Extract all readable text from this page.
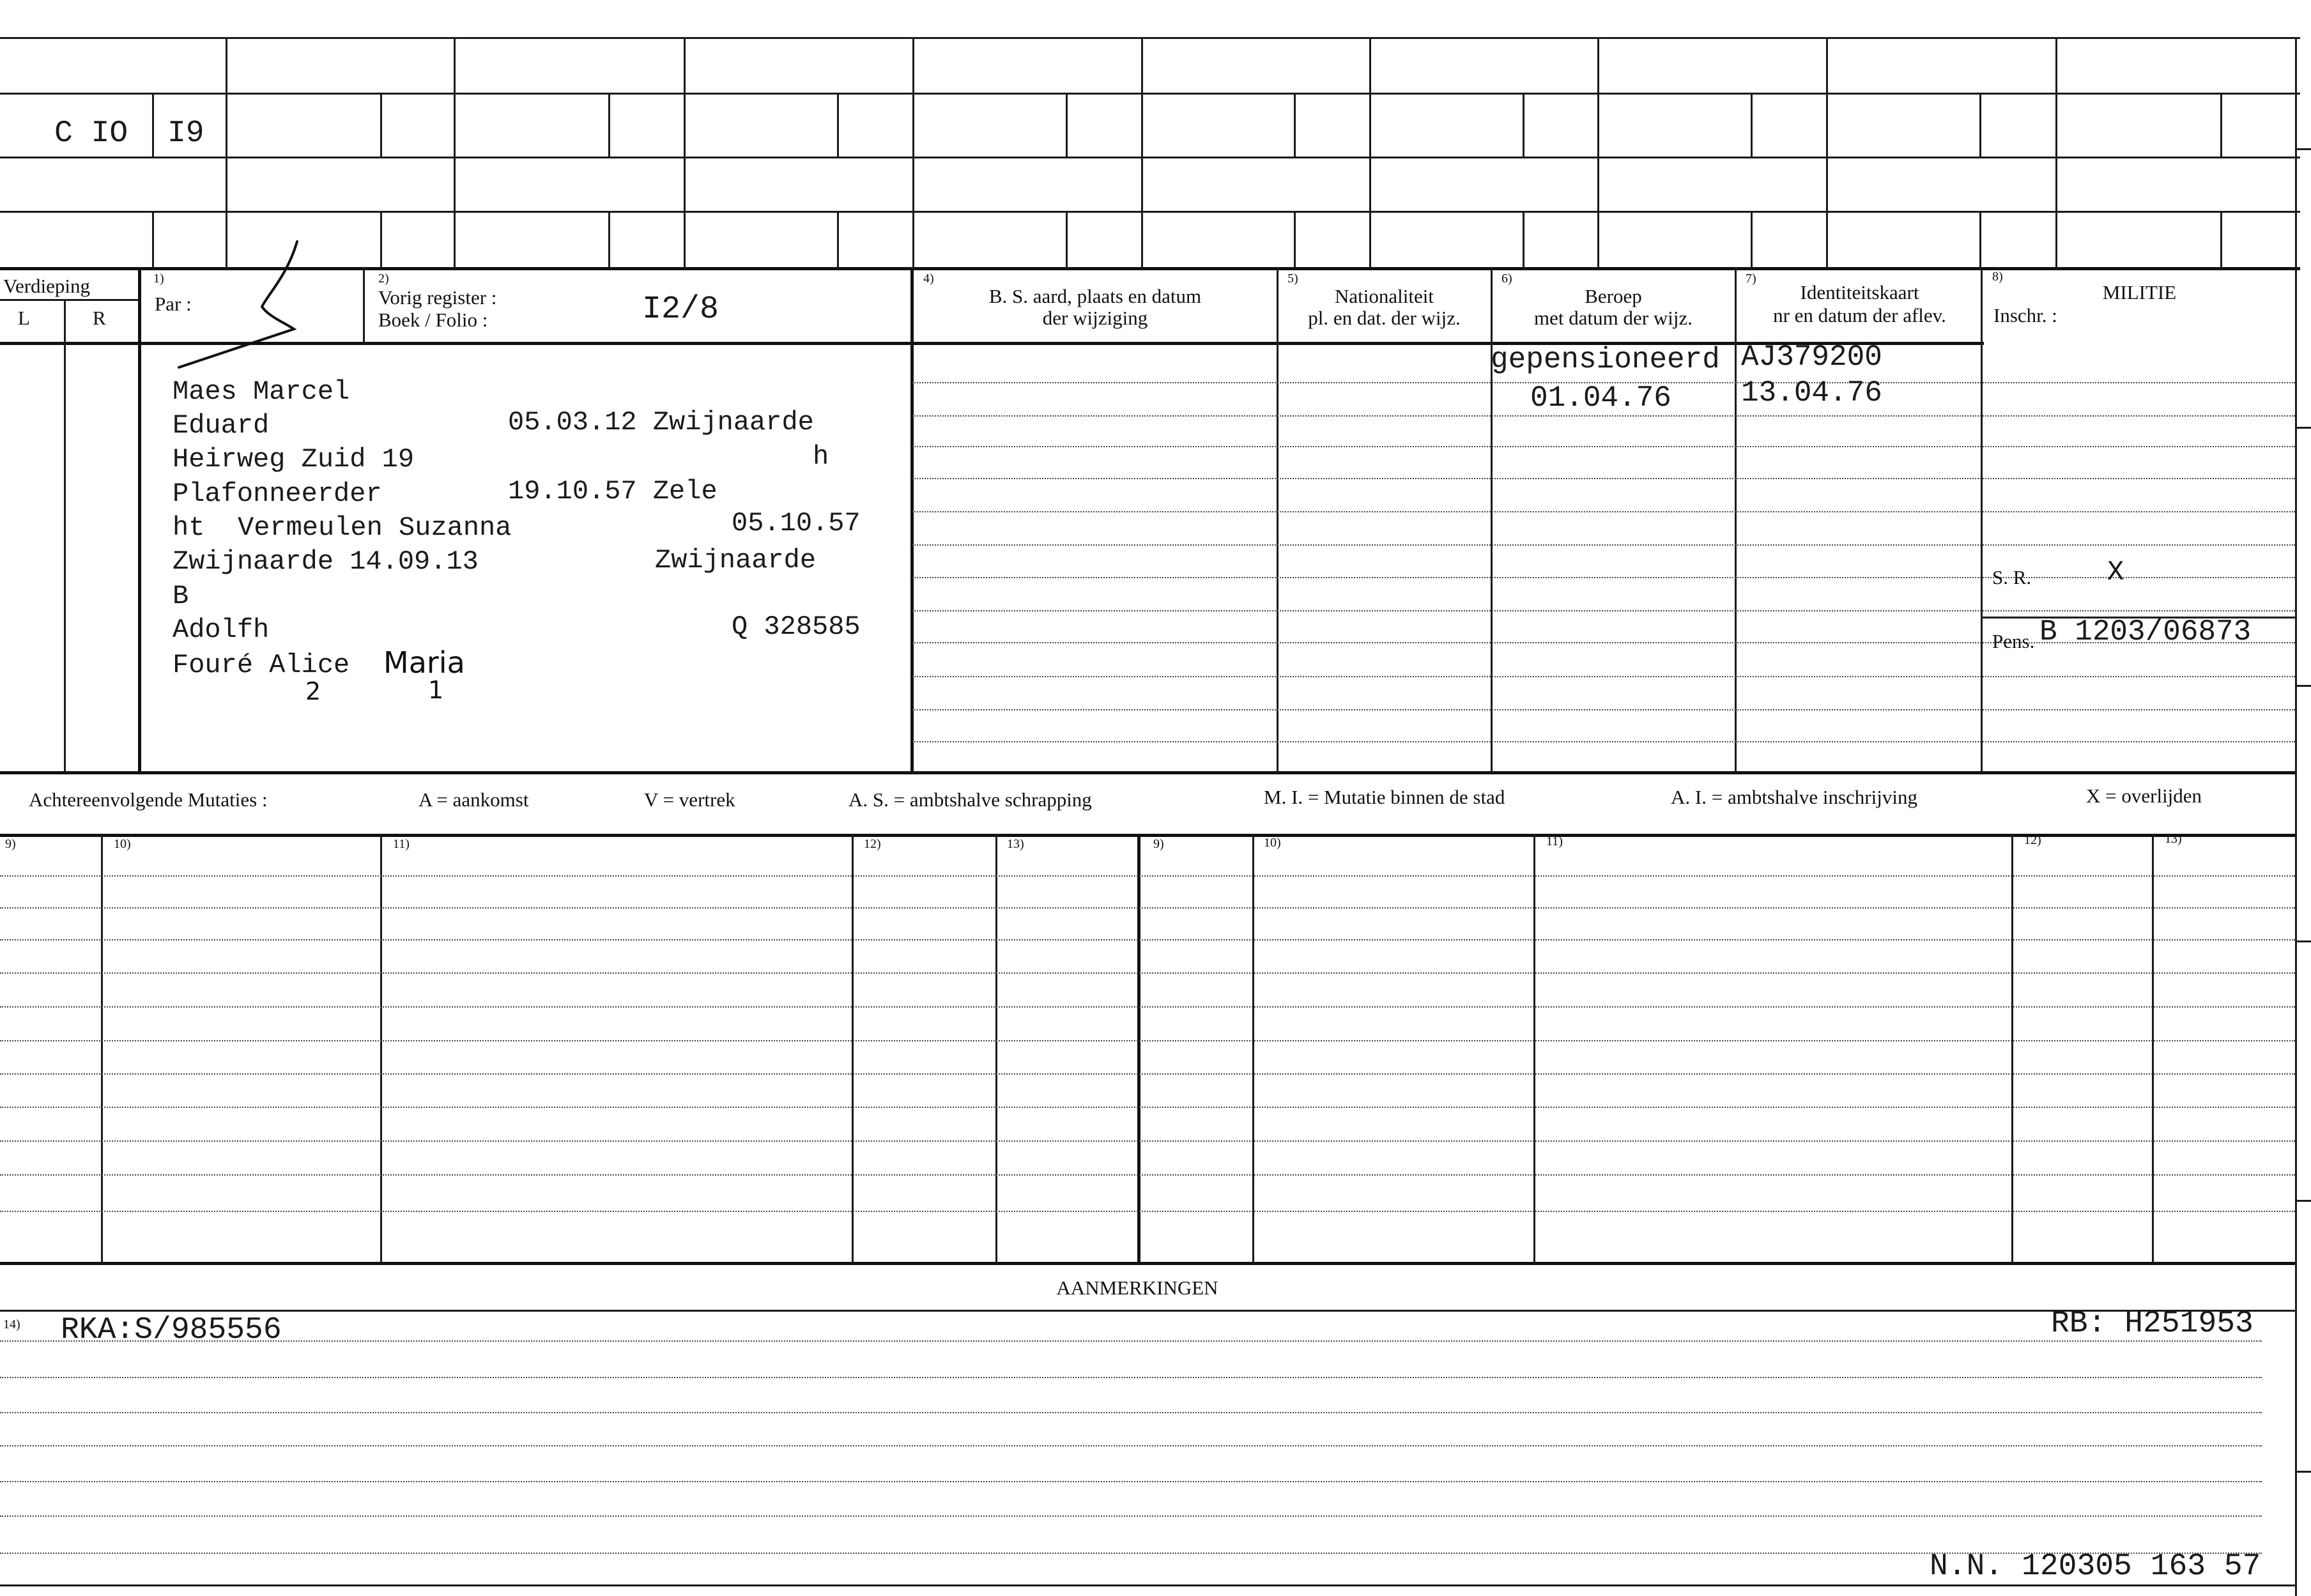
C IO I9
Verdieping
L	R
1)
Par :
2)
Vorig register :
Boek / Folio :	I2/8
4)
B. S. aard, plaats en datum
der wijziging
5)
Nationaliteit
pl. en dat. der wijz.
6)
Beroep
met datum der wijz.
7)
Identiteitskaart
nr en datum der aflev.
8)
MILITIE
Inschr. :
Maes Marcel
Eduard	05.03.12 Zwijnaarde
Heirweg Zuid 19	h
Plafonneerder	19.10.57 Zele
ht Vermeulen Suzanna	05.10.57
Zwijnaarde 14.09.13	Zwijnaarde
B
Adolfh	Q 328585
Fouré Alice Maria
2	1
gepensioneerd
01.04.76
AJ379200
13.04.76
S. R.	X
Pens. B 1203/06873
Achtereenvolgende Mutaties :	A = aankomst	V = vertrek	A. S. = ambtshalve schrapping	M. I. = Mutatie binnen de stad	A. I. = ambtshalve inschrijving	X = overlijden
9)	10)	11)	12)	13)	9)	10)	11)	12)	13)
AANMERKINGEN
14) RKA:S/985556	RB: H251953
N.N. 120305 163 57
